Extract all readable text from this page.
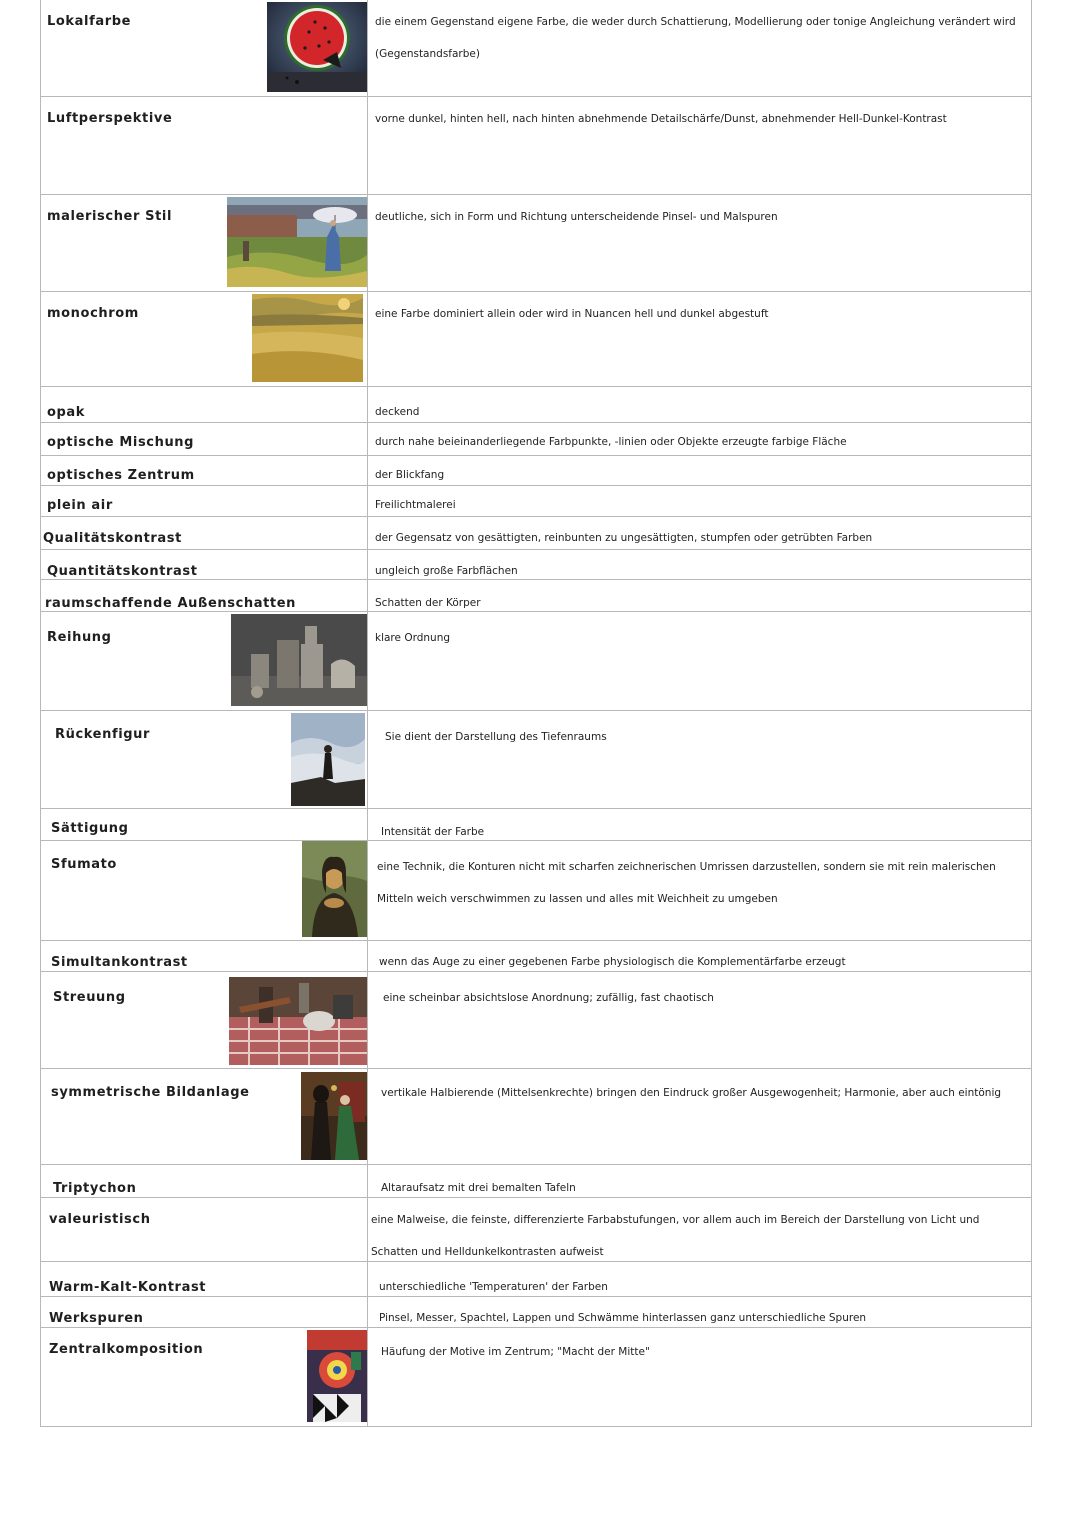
Lokalfarbe	die einem Gegenstand eigene Farbe, die weder durch Schattierung, Modellierung oder tonige Angleichung verändert wird (Gegenstandsfarbe)
Luftperspektive	vorne dunkel, hinten hell, nach hinten abnehmende Detailschärfe/Dunst, abnehmender Hell-Dunkel-Kontrast
malerischer Stil	deutliche, sich in Form und Richtung unterscheidende Pinsel- und Malspuren
monochrom	eine Farbe dominiert allein oder wird in Nuancen hell und dunkel abgestuft
opak	deckend
optische Mischung	durch nahe beieinanderliegende Farbpunkte, -linien oder Objekte erzeugte farbige Fläche
optisches Zentrum	der Blickfang
plein air	Freilichtmalerei
Qualitätskontrast	der Gegensatz von gesättigten, reinbunten zu ungesättigten, stumpfen oder getrübten Farben
Quantitätskontrast	ungleich große Farbflächen
raumschaffende Außenschatten	Schatten der Körper
Reihung	klare Ordnung
Rückenfigur	Sie dient der Darstellung des Tiefenraums
Sättigung	Intensität der Farbe
Sfumato	eine Technik, die Konturen nicht mit scharfen zeichnerischen Umrissen darzustellen, sondern sie mit rein malerischen Mitteln weich verschwimmen zu lassen und alles mit Weichheit zu umgeben
Simultankontrast	wenn das Auge zu einer gegebenen Farbe physiologisch die Komplementärfarbe erzeugt
Streuung	eine scheinbar absichtslose Anordnung; zufällig, fast chaotisch
symmetrische Bildanlage	vertikale Halbierende (Mittelsenkrechte) bringen den Eindruck großer Ausgewogenheit; Harmonie, aber auch eintönig
Triptychon	Altaraufsatz mit drei bemalten Tafeln
valeuristisch	eine Malweise, die feinste, differenzierte Farbabstufungen, vor allem auch im Bereich der Darstellung von Licht und Schatten und Helldunkelkontrasten aufweist
Warm-Kalt-Kontrast	unterschiedliche 'Temperaturen' der Farben
Werkspuren	Pinsel, Messer, Spachtel, Lappen und Schwämme hinterlassen ganz unterschiedliche Spuren
Zentralkomposition	Häufung der Motive im Zentrum; "Macht der Mitte"
